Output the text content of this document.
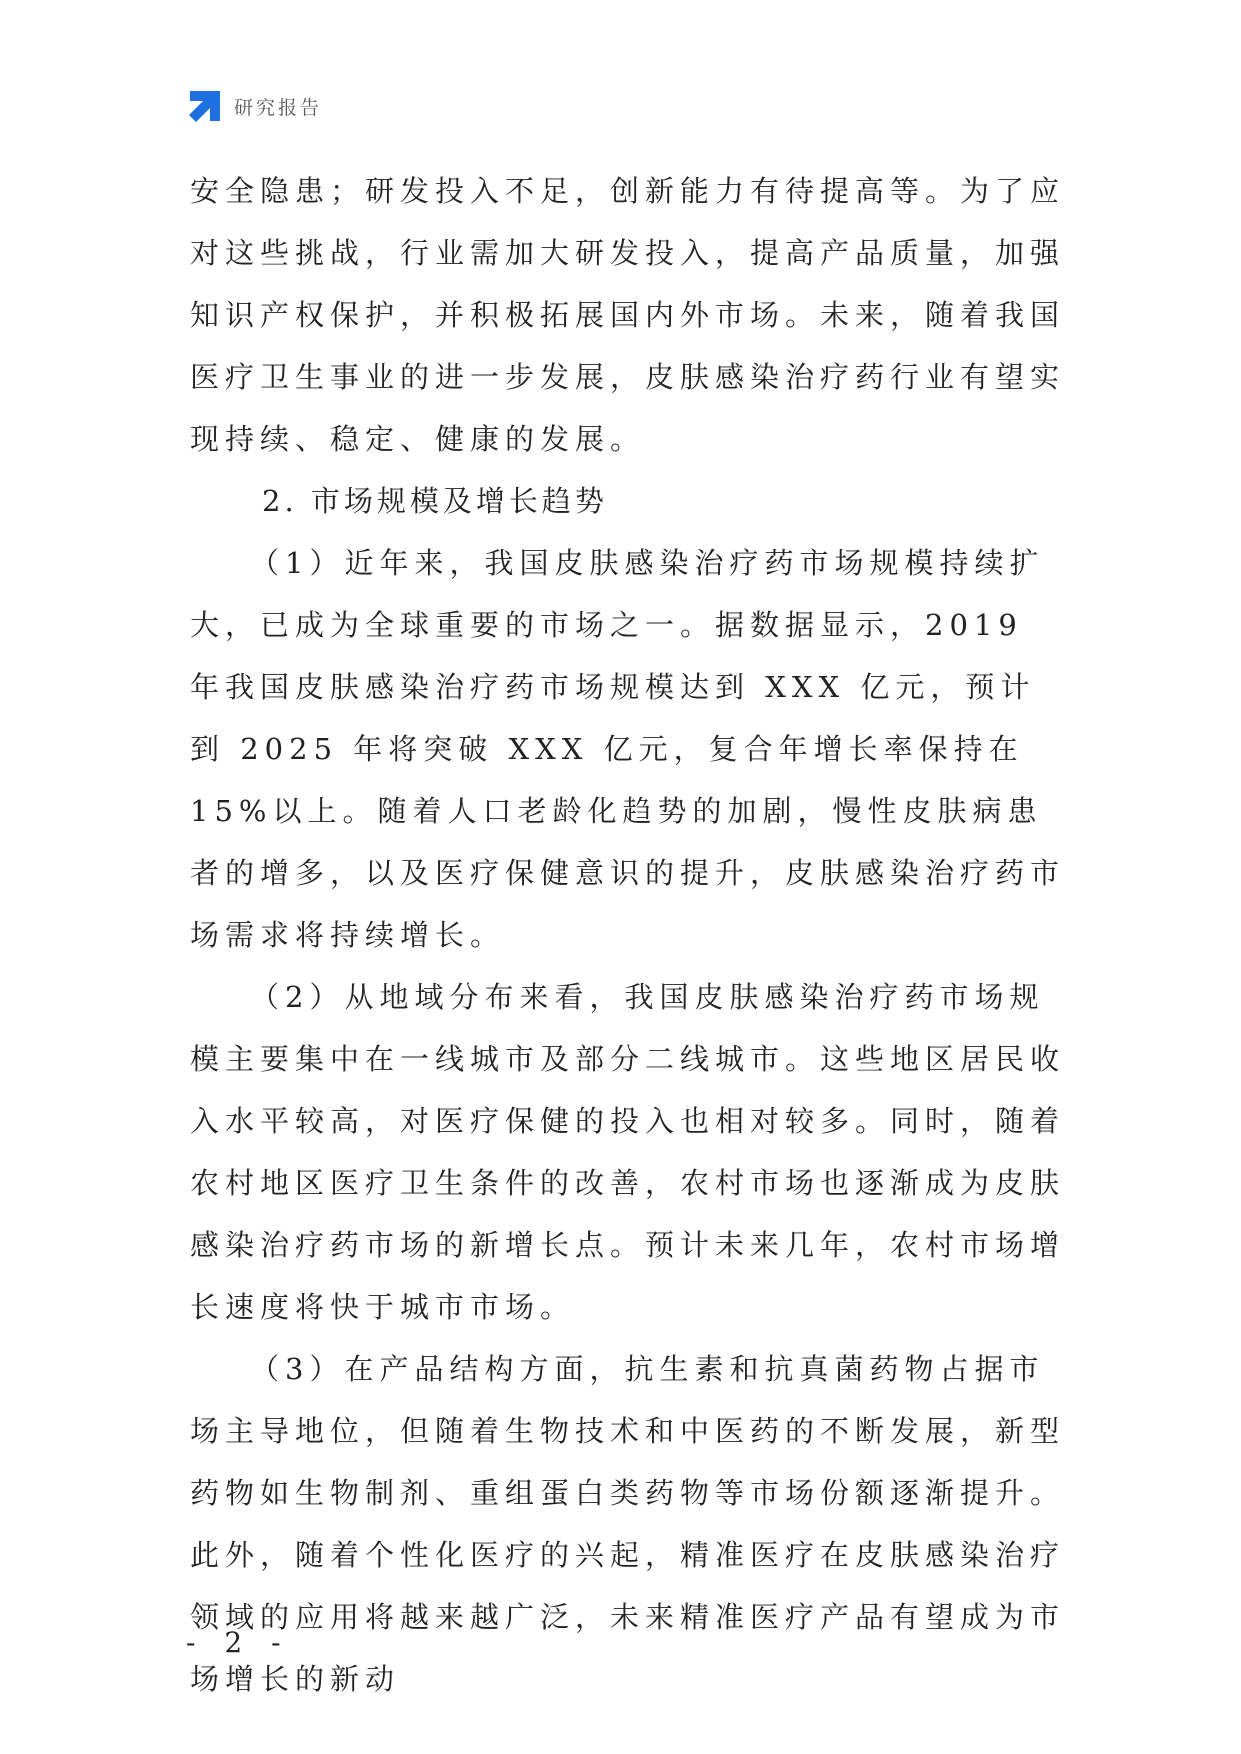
研究报告

安全隐患；研发投入不足，创新能力有待提高等。为了应对这些挑战，行业需加大研发投入，提高产品质量，加强知识产权保护，并积极拓展国内外市场。未来，随着我国医疗卫生事业的进一步发展，皮肤感染治疗药行业有望实现持续、稳定、健康的发展。

2. 市场规模及增长趋势

（1）近年来，我国皮肤感染治疗药市场规模持续扩大，已成为全球重要的市场之一。据数据显示，2019 年我国皮肤感染治疗药市场规模达到 XXX 亿元，预计到 2025 年将突破 XXX 亿元，复合年增长率保持在 15%以上。随着人口老龄化趋势的加剧，慢性皮肤病患者的增多，以及医疗保健意识的提升，皮肤感染治疗药市场需求将持续增长。

（2）从地域分布来看，我国皮肤感染治疗药市场规模主要集中在一线城市及部分二线城市。这些地区居民收入水平较高，对医疗保健的投入也相对较多。同时，随着农村地区医疗卫生条件的改善，农村市场也逐渐成为皮肤感染治疗药市场的新增长点。预计未来几年，农村市场增长速度将快于城市市场。

（3）在产品结构方面，抗生素和抗真菌药物占据市场主导地位，但随着生物技术和中医药的不断发展，新型药物如生物制剂、重组蛋白类药物等市场份额逐渐提升。此外，随着个性化医疗的兴起，精准医疗在皮肤感染治疗领域的应用将越来越广泛，未来精准医疗产品有望成为市场增长的新动

- 2 -
